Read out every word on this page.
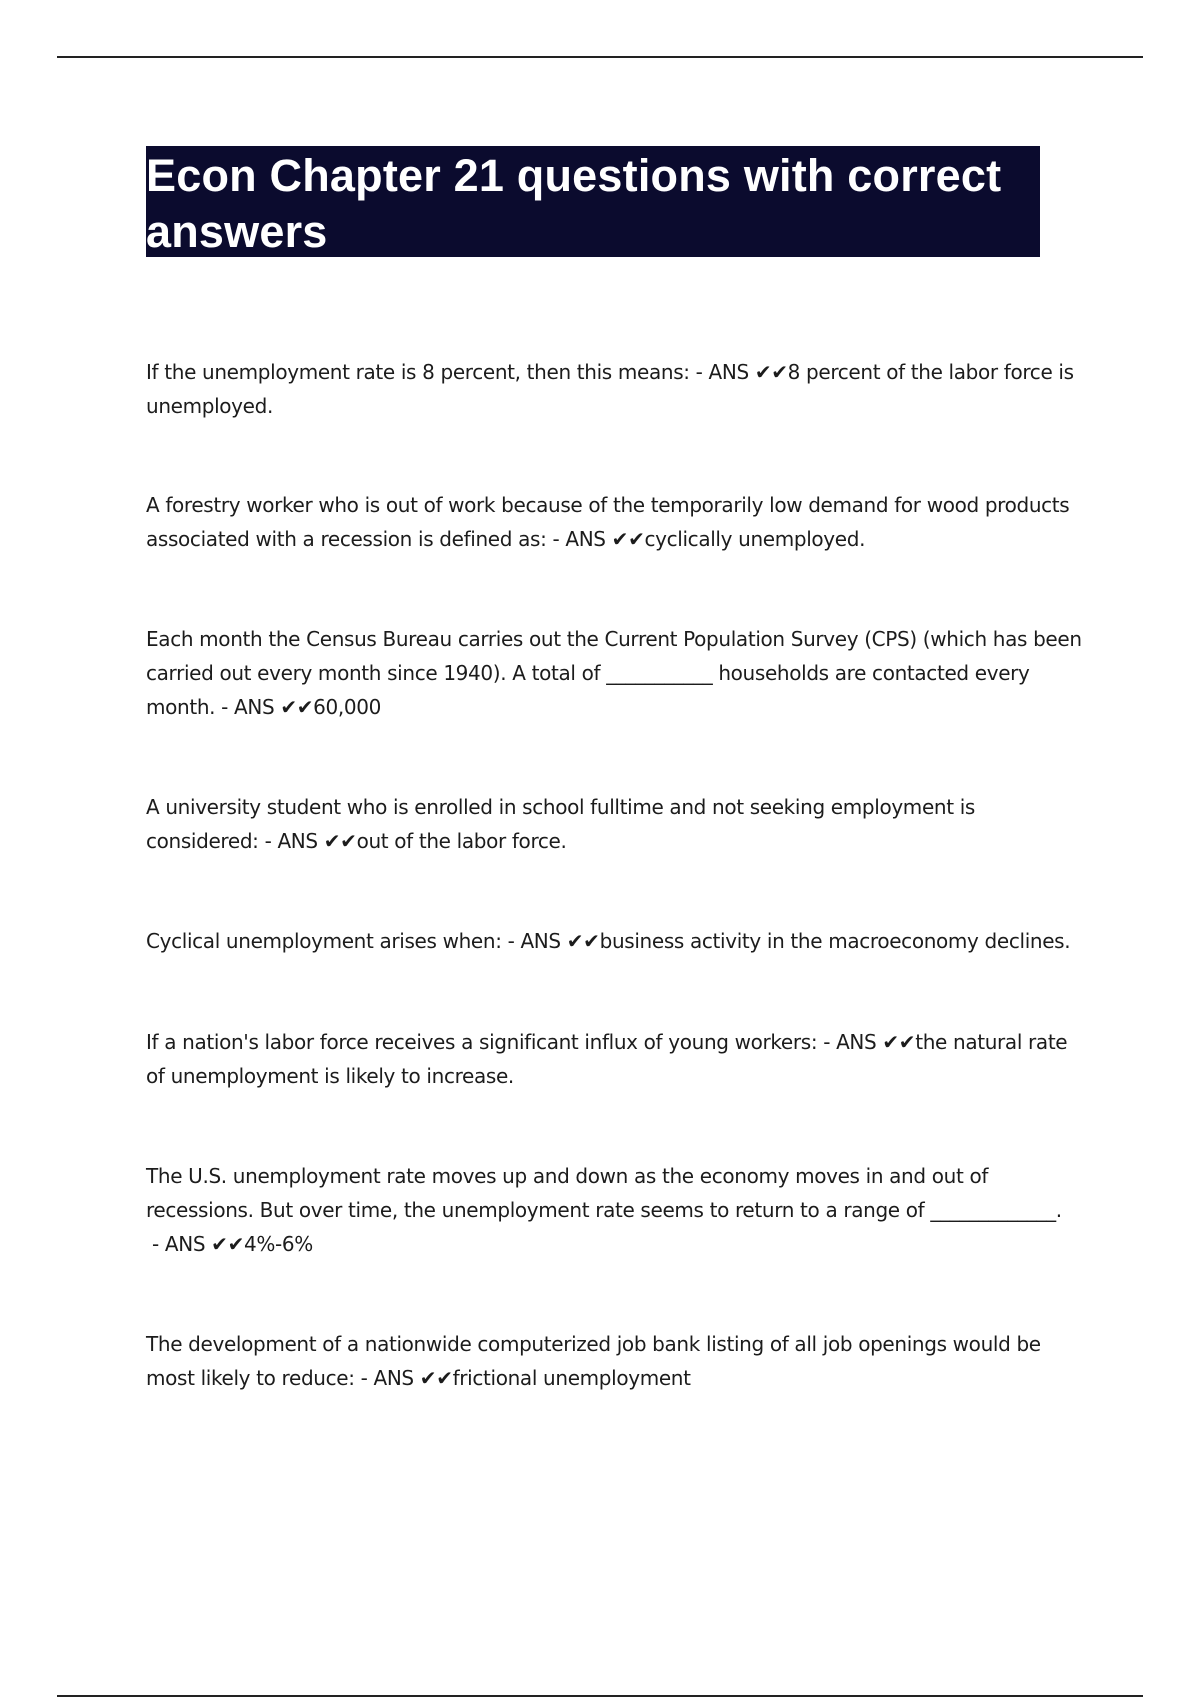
Econ Chapter 21 questions with correct answers

If the unemployment rate is 8 percent, then this means: - ANS ✔✔8 percent of the labor force is unemployed.

A forestry worker who is out of work because of the temporarily low demand for wood products associated with a recession is defined as: - ANS ✔✔cyclically unemployed.

Each month the Census Bureau carries out the Current Population Survey (CPS) (which has been carried out every month since 1940). A total of ___________ households are contacted every month. - ANS ✔✔60,000

A university student who is enrolled in school fulltime and not seeking employment is considered: - ANS ✔✔out of the labor force.

Cyclical unemployment arises when: - ANS ✔✔business activity in the macroeconomy declines.

If a nation's labor force receives a significant influx of young workers: - ANS ✔✔the natural rate of unemployment is likely to increase.

The U.S. unemployment rate moves up and down as the economy moves in and out of recessions. But over time, the unemployment rate seems to return to a range of _____________. - ANS ✔✔4%-6%

The development of a nationwide computerized job bank listing of all job openings would be most likely to reduce: - ANS ✔✔frictional unemployment
